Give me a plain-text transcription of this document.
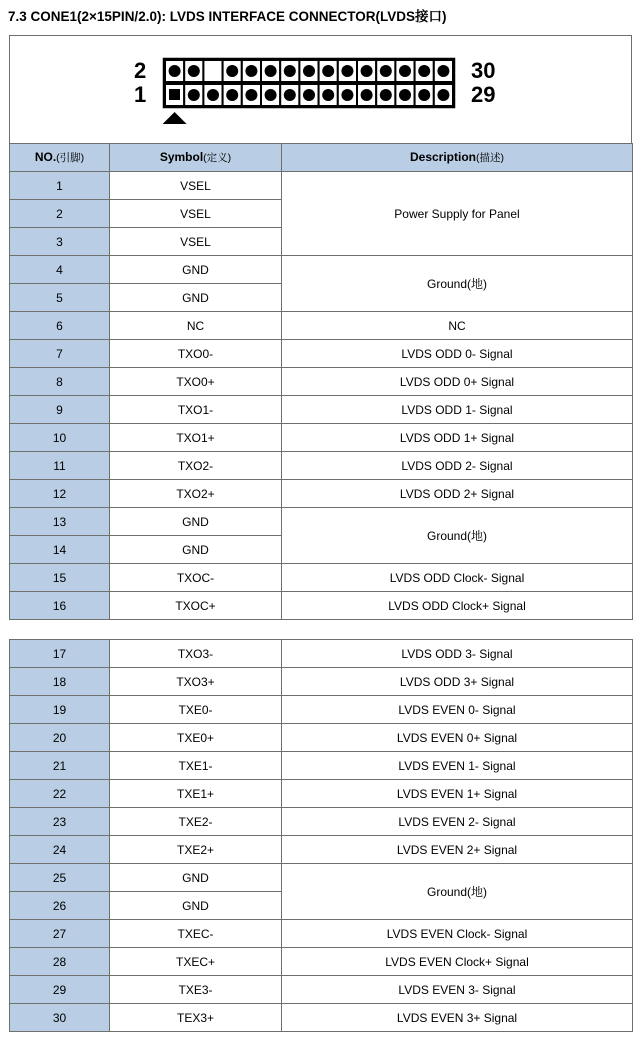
7.3 CONE1(2×15PIN/2.0): LVDS INTERFACE CONNECTOR(LVDS接口)
2
1
30
29
NO.(引脚)	Symbol(定义)	Description(描述)
1	VSEL	Power Supply for Panel
2	VSEL	
3	VSEL	
4	GND	Ground(地)
5	GND	
6	NC	NC
7	TXO0-	LVDS ODD 0- Signal
8	TXO0+	LVDS ODD 0+ Signal
9	TXO1-	LVDS ODD 1- Signal
10	TXO1+	LVDS ODD 1+ Signal
11	TXO2-	LVDS ODD 2- Signal
12	TXO2+	LVDS ODD 2+ Signal
13	GND	Ground(地)
14	GND	
15	TXOC-	LVDS ODD Clock- Signal
16	TXOC+	LVDS ODD Clock+ Signal
17	TXO3-	LVDS ODD 3- Signal
18	TXO3+	LVDS ODD 3+ Signal
19	TXE0-	LVDS EVEN 0- Signal
20	TXE0+	LVDS EVEN 0+ Signal
21	TXE1-	LVDS EVEN 1- Signal
22	TXE1+	LVDS EVEN 1+ Signal
23	TXE2-	LVDS EVEN 2- Signal
24	TXE2+	LVDS EVEN 2+ Signal
25	GND	Ground(地)
26	GND	
27	TXEC-	LVDS EVEN Clock- Signal
28	TXEC+	LVDS EVEN Clock+ Signal
29	TXE3-	LVDS EVEN 3- Signal
30	TEX3+	LVDS EVEN 3+ Signal
